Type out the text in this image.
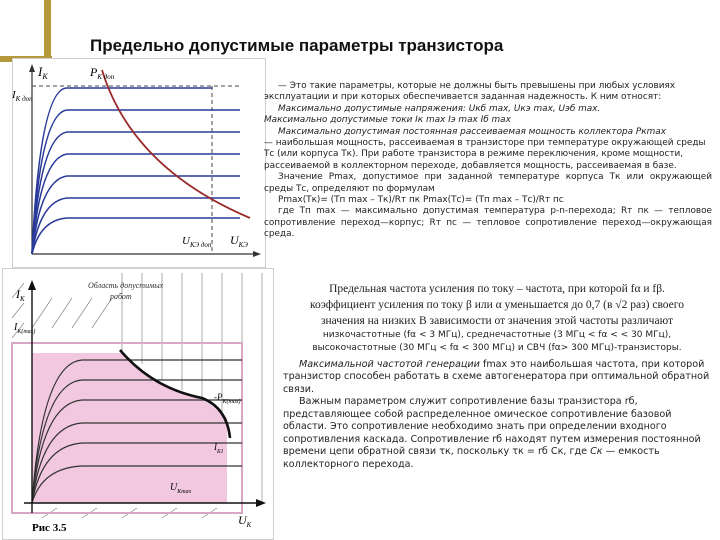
Предельно допустимые параметры транзистора
$I_К$
$I_{К доп}$
$P_{К доп}$
$U_{КЭ доп}$ $U_{КЭ}$

— Это такие параметры, которые не должны быть превышены при любых условиях эксплуатации и при которых обеспечивается заданная надежность. К ним относят:

Максимально допустимые напряжения: Uкб max, Uкэ max, Uэб max.

Максимально допустимые токи Iк max Iэ max Iб max

Максимально допустимая постоянная рассеиваемая мощность коллектора Pкmax
— наибольшая мощность, рассеиваемая в транзисторе при температуре окружающей среды Тс (или корпуса Тк). При работе транзистора в режиме переключения, кроме мощности, рассеиваемой в коллекторном переходе, добавляется мощность, рассеиваемая в базе.

Значение Pmax, допустимое при заданной температуре корпуса Тк или окружающей среды Тс, определяют по формулам

Pmax(Тк)= (Тп max – Тк)/Rт пк Pmax(Тс)= (Тп max – Тс)/Rт пс

где Тп max — максимально допустимая температура p-n-перехода; Rт пк — тепловое сопротивление переход—корпус; Rт пс — тепловое сопротивление переход—окружающая среда.

Область допустимых
работ
$I_K$
$I_{K(max)}$
$-P_{K(max)}$
$I_{Б1}$
$U_{Kmax}$
$U_K$
Рис 3.5

Предельная частота усиления по току – частота, при которой fα и fβ.

коэффициент усиления по току β или α уменьшается до 0,7 (в √2 раз) своего

значения на низких В зависимости от значения этой частоты различают

низкочастотные (fα < 3 МГц), среднечастотные (3 МГц < fα < < 30 МГц),

высокочастотные (30 МГц < fα < 300 МГц) и СВЧ (fα> 300 МГц)-транзисторы.

Максимальной частотой генерации fmax это наибольшая частота, при которой транзистор способен работать в схеме автогенератора при оптимальной обратной связи.

Важным параметром служит сопротивление базы транзистора rб, представляющее собой распределенное омическое сопротивление базовой области. Это сопротивление необходимо знать при определении входного сопротивления каскада. Сопротивление rб находят путем измерения постоянной времени цепи обратной связи τк, поскольку τк = rб Ск, где Ск — емкость коллекторного перехода.
